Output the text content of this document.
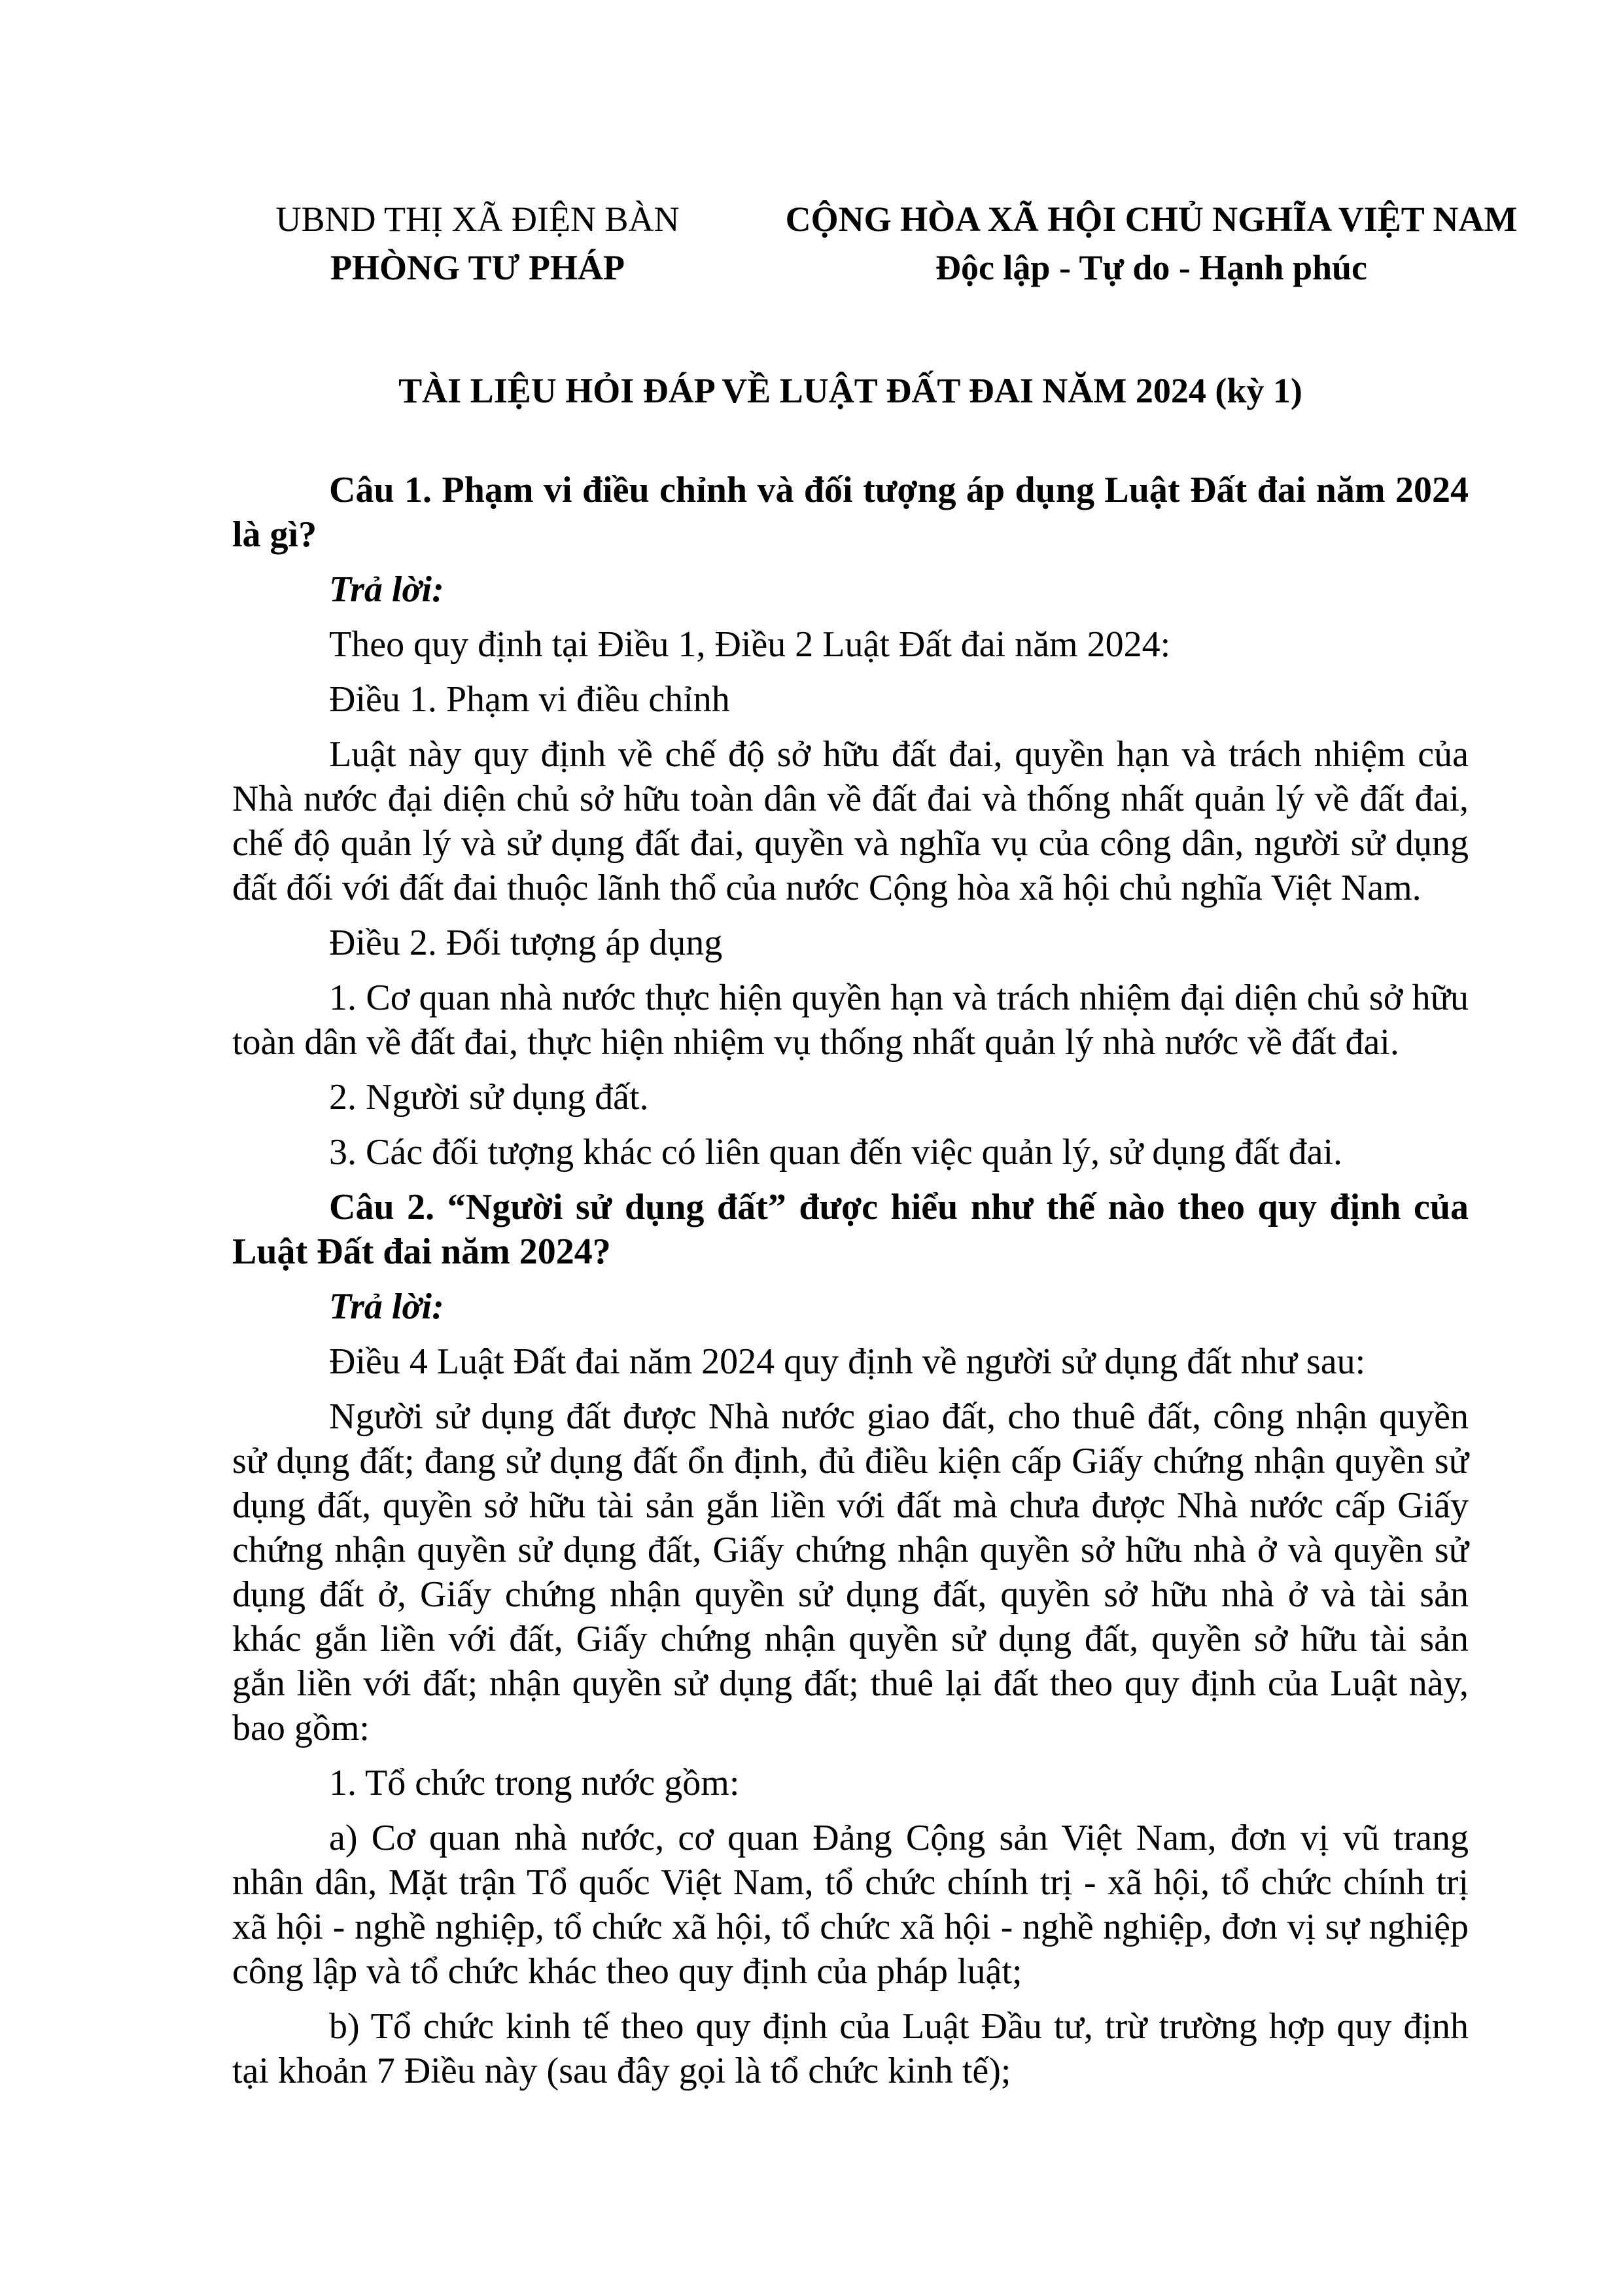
UBND THỊ XÃ ĐIỆN BÀN
PHÒNG TƯ PHÁP
CỘNG HÒA XÃ HỘI CHỦ NGHĨA VIỆT NAM
Độc lập - Tự do - Hạnh phúc
TÀI LIỆU HỎI ĐÁP VỀ LUẬT ĐẤT ĐAI NĂM 2024 (kỳ 1)

Câu 1. Phạm vi điều chỉnh và đối tượng áp dụng Luật Đất đai năm 2024 là gì?

Trả lời:

Theo quy định tại Điều 1, Điều 2 Luật Đất đai năm 2024:

Điều 1. Phạm vi điều chỉnh

Luật này quy định về chế độ sở hữu đất đai, quyền hạn và trách nhiệm của Nhà nước đại diện chủ sở hữu toàn dân về đất đai và thống nhất quản lý về đất đai, chế độ quản lý và sử dụng đất đai, quyền và nghĩa vụ của công dân, người sử dụng đất đối với đất đai thuộc lãnh thổ của nước Cộng hòa xã hội chủ nghĩa Việt Nam.

Điều 2. Đối tượng áp dụng

1. Cơ quan nhà nước thực hiện quyền hạn và trách nhiệm đại diện chủ sở hữu toàn dân về đất đai, thực hiện nhiệm vụ thống nhất quản lý nhà nước về đất đai.

2. Người sử dụng đất.

3. Các đối tượng khác có liên quan đến việc quản lý, sử dụng đất đai.

Câu 2. “Người sử dụng đất” được hiểu như thế nào theo quy định của Luật Đất đai năm 2024?

Trả lời:

Điều 4 Luật Đất đai năm 2024 quy định về người sử dụng đất như sau:

Người sử dụng đất được Nhà nước giao đất, cho thuê đất, công nhận quyền sử dụng đất; đang sử dụng đất ổn định, đủ điều kiện cấp Giấy chứng nhận quyền sử dụng đất, quyền sở hữu tài sản gắn liền với đất mà chưa được Nhà nước cấp Giấy chứng nhận quyền sử dụng đất, Giấy chứng nhận quyền sở hữu nhà ở và quyền sử dụng đất ở, Giấy chứng nhận quyền sử dụng đất, quyền sở hữu nhà ở và tài sản khác gắn liền với đất, Giấy chứng nhận quyền sử dụng đất, quyền sở hữu tài sản gắn liền với đất; nhận quyền sử dụng đất; thuê lại đất theo quy định của Luật này, bao gồm:

1. Tổ chức trong nước gồm:

a) Cơ quan nhà nước, cơ quan Đảng Cộng sản Việt Nam, đơn vị vũ trang nhân dân, Mặt trận Tổ quốc Việt Nam, tổ chức chính trị - xã hội, tổ chức chính trị xã hội - nghề nghiệp, tổ chức xã hội, tổ chức xã hội - nghề nghiệp, đơn vị sự nghiệp công lập và tổ chức khác theo quy định của pháp luật;

b) Tổ chức kinh tế theo quy định của Luật Đầu tư, trừ trường hợp quy định tại khoản 7 Điều này (sau đây gọi là tổ chức kinh tế);
